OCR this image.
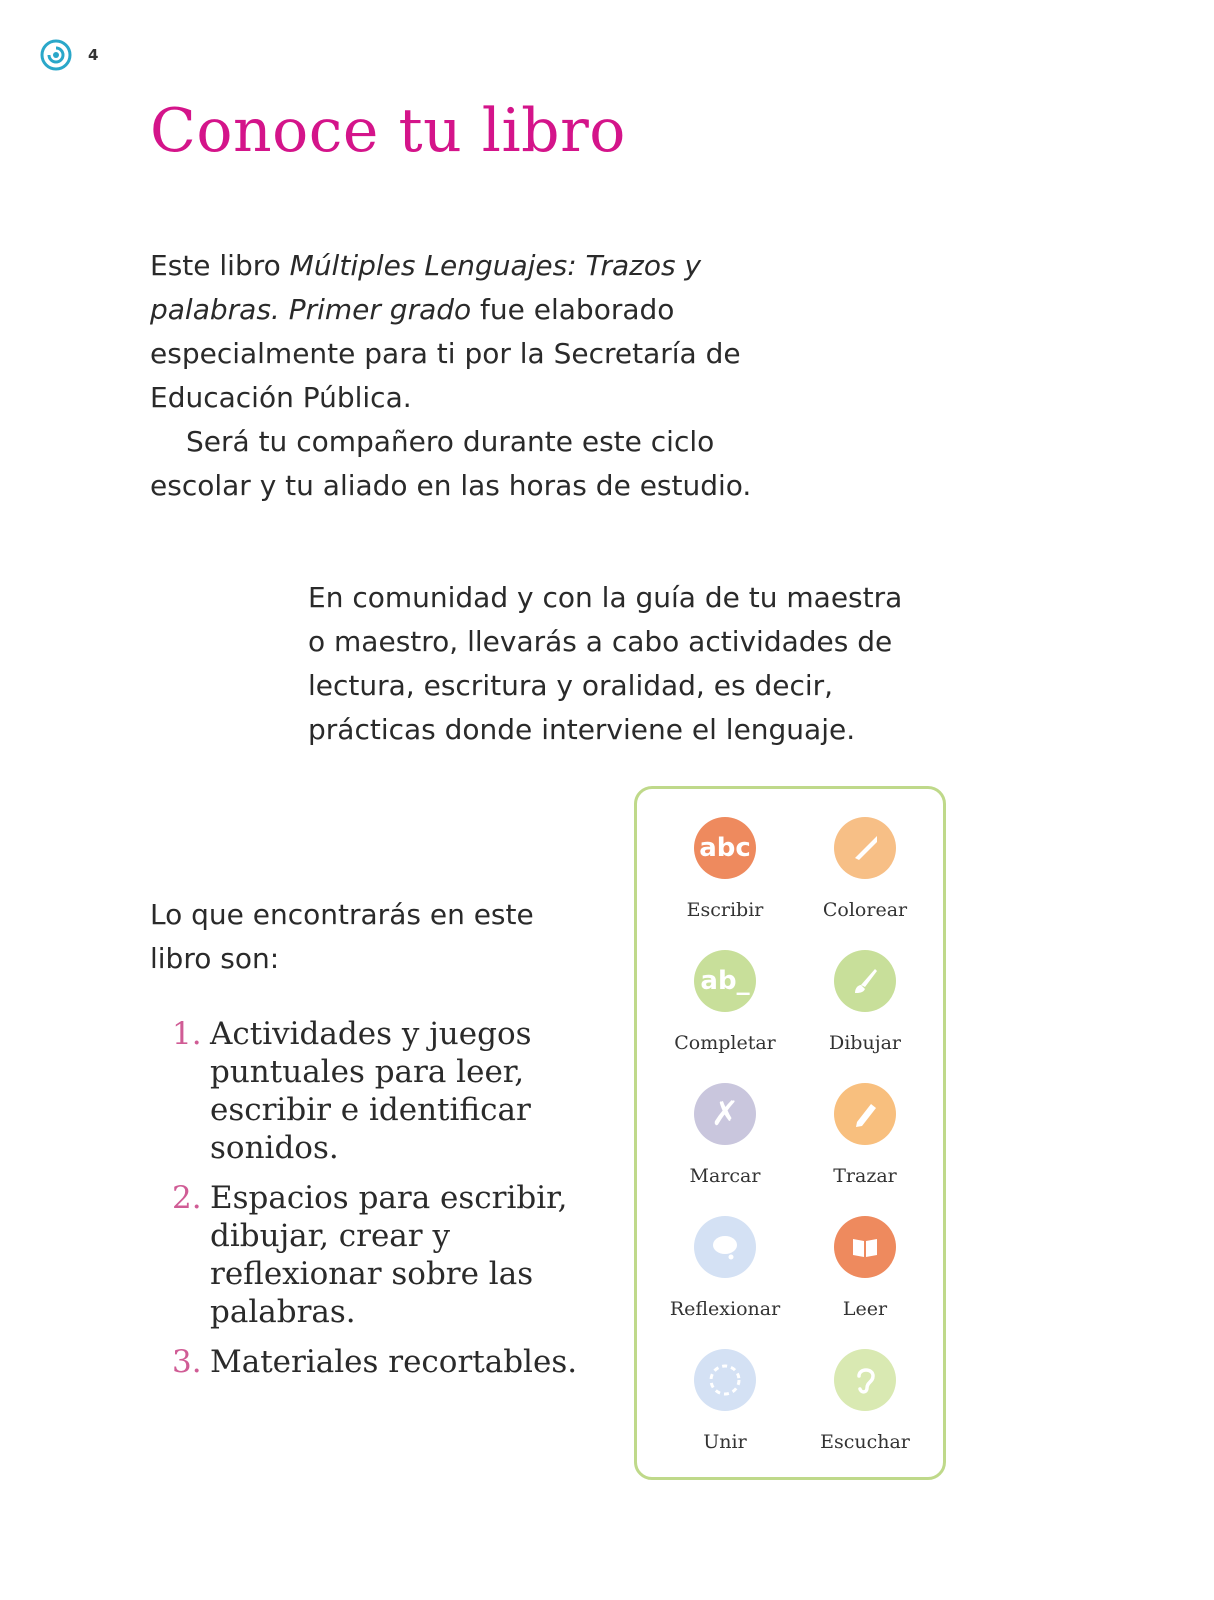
4
Conoce tu libro

Este libro Múltiples Lenguajes: Trazos y palabras. Primer grado fue elaborado especialmente para ti por la Secretaría de Educación Pública.

Será tu compañero durante este ciclo escolar y tu aliado en las horas de estudio.

En comunidad y con la guía de tu maestra o maestro, llevarás a cabo actividades de lectura, escritura y oralidad, es decir, prácticas donde interviene el lenguaje.

Lo que encontrarás en este libro son:

1. Actividades y juegos puntuales para leer, escribir e identificar sonidos.
2. Espacios para escribir, dibujar, crear y reflexionar sobre las palabras.
3. Materiales recortables.
abc
Escribir	Colorear
ab_
Completar	Dibujar
✗
Marcar	Trazar
Reflexionar	Leer
Unir	Escuchar
